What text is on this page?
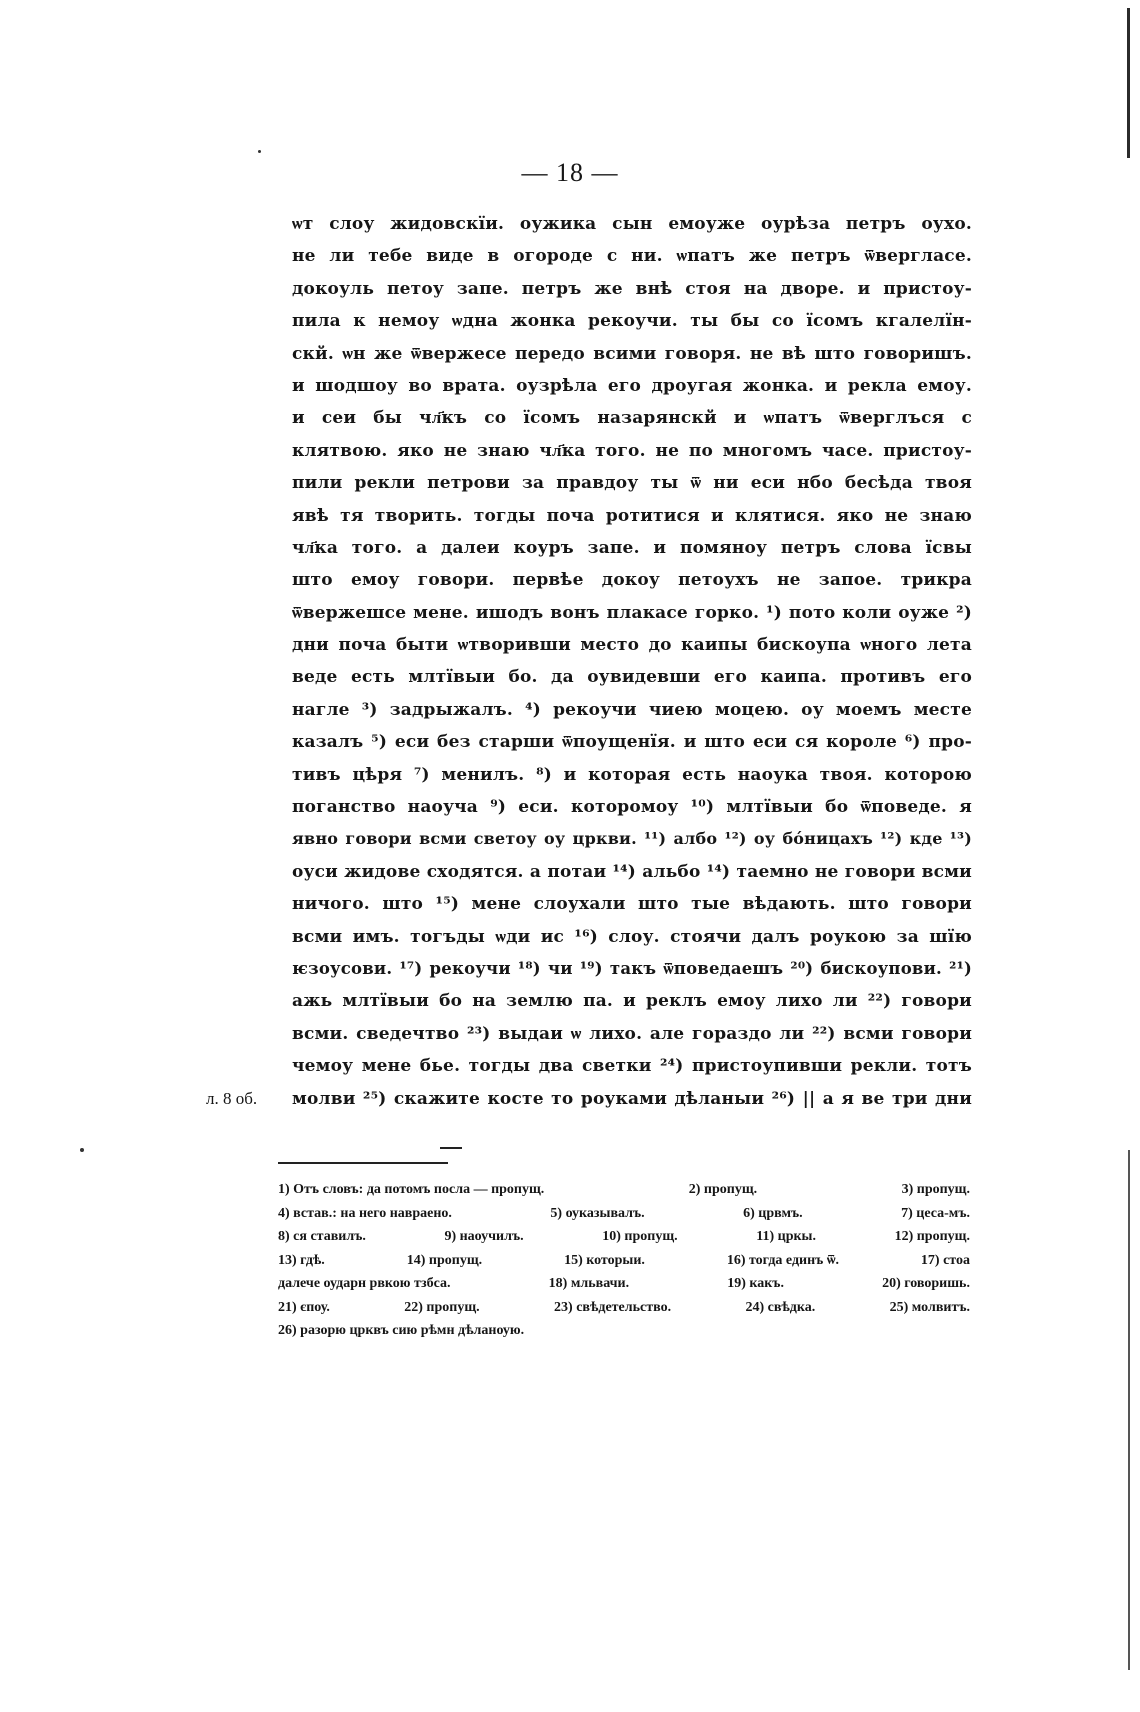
— 18 —
ѡт слоу жидовскїи. оужика сын емоуже оурѣза петръ оухо.
не ли тебе виде в огороде с ни. ѡпатъ же петръ ѿвергласе.
докоуль петоу запе. петръ же внѣ стоя на дворе. и пристоу-
пила к немоу ѡдна жонка рекоучи. ты бы со їсомъ кгалелїн-
скй. ѡн же ѿвержесе передо всими говоря. не вѣ што говоришъ.
и шодшоу во врата. оузрѣла его дроугая жонка. и рекла емоу.
и сеи бы чл҃къ со їсомъ назарянскй и ѡпатъ ѿверглъся с
клятвою. яко не знаю чл҃ка того. не по многомъ часе. пристоу-
пили рекли петрови за правдоу ты ѿ ни еси нбо бесѣда твоя
явѣ тя творить. тогды поча ротитися и клятися. яко не знаю
чл҃ка того. а далеи коуръ запе. и помяноу петръ слова їсвы
што емоу говори. первѣе докоу петоухъ не запое. трикра
ѿвержешсе мене. ишодъ вонъ плакасе горко. ¹) пото коли оуже ²)
дни поча быти ѡтворивши место до каипы бискоупа ѡного лета
веде есть млтївыи бо. да оувидевши его каипа. противъ его
нагле ³) задрыжалъ. ⁴) рекоучи чиею моцею. оу моемъ месте
казалъ ⁵) еси без старши ѿпоущенїя. и што еси ся короле ⁶) про-
тивъ цѣря ⁷) менилъ. ⁸) и которая есть наоука твоя. которою
поганство наоуча ⁹) еси. которомоу ¹⁰) млтївыи бо ѿповеде. я
явно говори всми светоу оу цркви. ¹¹) албо ¹²) оу бо́ницахъ ¹²) кде ¹³)
оуси жидове сходятся. а потаи ¹⁴) альбо ¹⁴) таемно не говори всми
ничого. што ¹⁵) мене слоухали што тые вѣдають. што говори
всми имъ. тогъды ѡди ис ¹⁶) слоу. стоячи далъ роукою за шїю
ѥзоусови. ¹⁷) рекоучи ¹⁸) чи ¹⁹) такъ ѿповедаешъ ²⁰) бискоупови. ²¹)
ажь млтївыи бо на землю па. и реклъ емоу лихо ли ²²) говори
всми. сведечтво ²³) выдаи ѡ лихо. але гораздо ли ²²) всми говори
чемоу мене бье. тогды два светки ²⁴) пристоупивши рекли. тотъ
л. 8 об.	молви ²⁵) скажите косте то роуками дѣланыи ²⁶) || а я ве три дни
1) Отъ словъ: да потомъ посла — пропущ.	2) пропущ.	3) пропущ.
4) встав.: на него навраено.	5) оуказывалъ.	6) црвмъ.	7) цеса‑мъ.
8) ся ставилъ.	9) наоучилъ.	10) пропущ.	11) цркы.	12) пропущ.
13) гдѣ.	14) пропущ.	15) которыи.	16) тогда единъ ѿ.	17) стоа
далече оударн рвкою тзбса.	18) мльвачи.	19) какъ.	20) говоришь.
21) єпоу.	22) пропущ.	23) свѣдетельство.	24) свѣдка.	25) молвитъ.
26) разорю црквъ сию рѣмн дѣланоую.
